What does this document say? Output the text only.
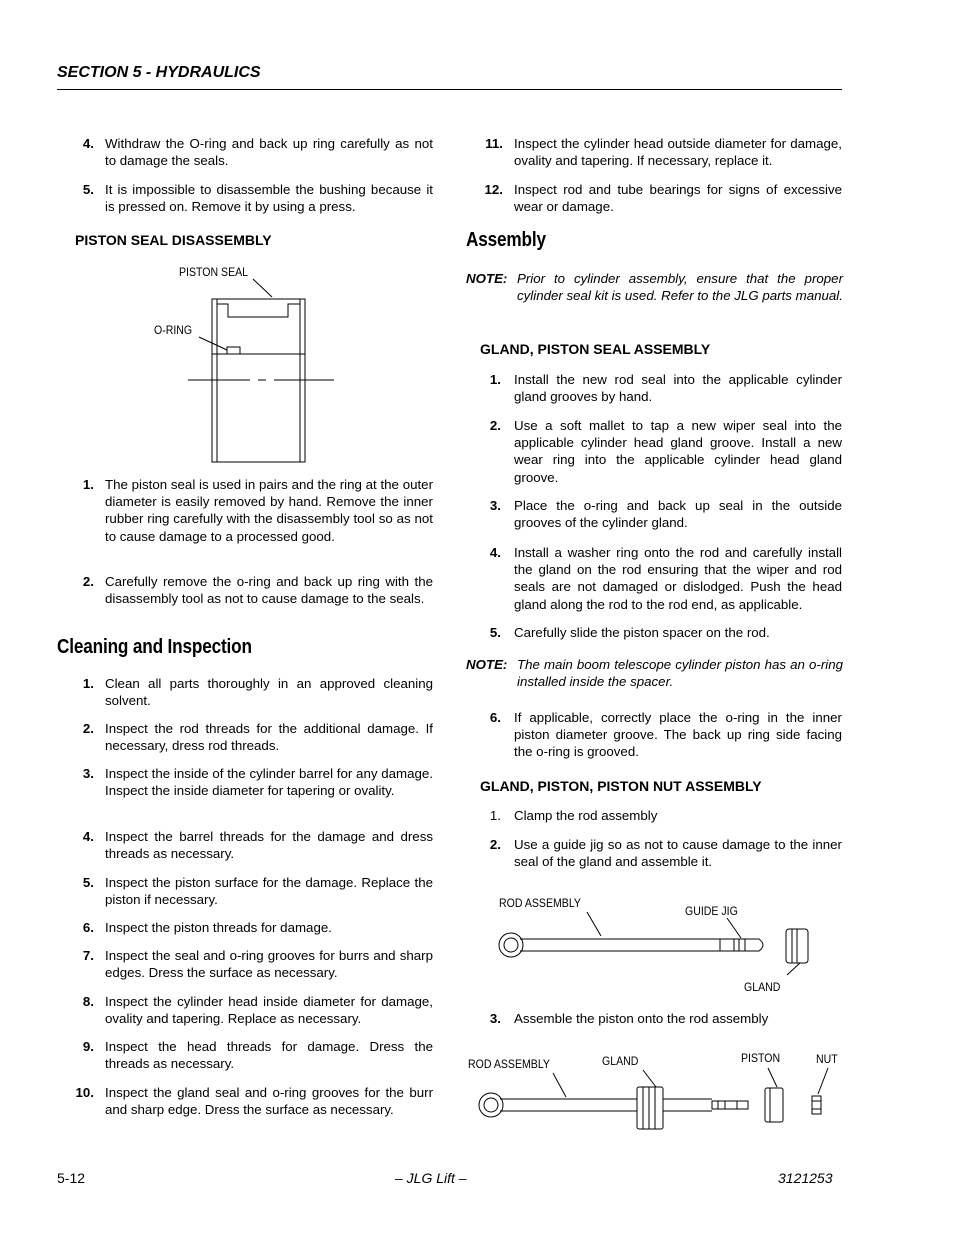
SECTION 5 - HYDRAULICS
4. Withdraw the O-ring and back up ring carefully as not to damage the seals.
5. It is impossible to disassemble the bushing because it is pressed on. Remove it by using a press.
PISTON SEAL DISASSEMBLY
PISTON SEAL
O-RING
1. The piston seal is used in pairs and the ring at the outer diameter is easily removed by hand. Remove the inner rubber ring carefully with the disassembly tool so as not to cause damage to a processed good.
2. Carefully remove the o-ring and back up ring with the disassembly tool as not to cause damage to the seals.
Cleaning and Inspection
1. Clean all parts thoroughly in an approved cleaning solvent.
2. Inspect the rod threads for the additional damage. If necessary, dress rod threads.
3. Inspect the inside of the cylinder barrel for any damage. Inspect the inside diameter for tapering or ovality.
4. Inspect the barrel threads for the damage and dress threads as necessary.
5. Inspect the piston surface for the damage. Replace the piston if necessary.
6. Inspect the piston threads for damage.
7. Inspect the seal and o-ring grooves for burrs and sharp edges. Dress the surface as necessary.
8. Inspect the cylinder head inside diameter for damage, ovality and tapering. Replace as necessary.
9. Inspect the head threads for damage. Dress the threads as necessary.
10. Inspect the gland seal and o-ring grooves for the burr and sharp edge. Dress the surface as necessary.
11. Inspect the cylinder head outside diameter for damage, ovality and tapering. If necessary, replace it.
12. Inspect rod and tube bearings for signs of excessive wear or damage.
Assembly
NOTE: Prior to cylinder assembly, ensure that the proper cylinder seal kit is used. Refer to the JLG parts manual.
GLAND, PISTON SEAL ASSEMBLY
1. Install the new rod seal into the applicable cylinder gland grooves by hand.
2. Use a soft mallet to tap a new wiper seal into the applicable cylinder head gland groove. Install a new wear ring into the applicable cylinder head gland groove.
3. Place the o-ring and back up seal in the outside grooves of the cylinder gland.
4. Install a washer ring onto the rod and carefully install the gland on the rod ensuring that the wiper and rod seals are not damaged or dislodged. Push the head gland along the rod to the rod end, as applicable.
5. Carefully slide the piston spacer on the rod.
NOTE: The main boom telescope cylinder piston has an o-ring installed inside the spacer.
6. If applicable, correctly place the o-ring in the inner piston diameter groove. The back up ring side facing the o-ring is grooved.
GLAND, PISTON, PISTON NUT ASSEMBLY
1. Clamp the rod assembly
2. Use a guide jig so as not to cause damage to the inner seal of the gland and assemble it.
ROD ASSEMBLY
GUIDE JIG
GLAND
3. Assemble the piston onto the rod assembly
ROD ASSEMBLY	GLAND	PISTON	NUT
5-12	– JLG Lift –	3121253
